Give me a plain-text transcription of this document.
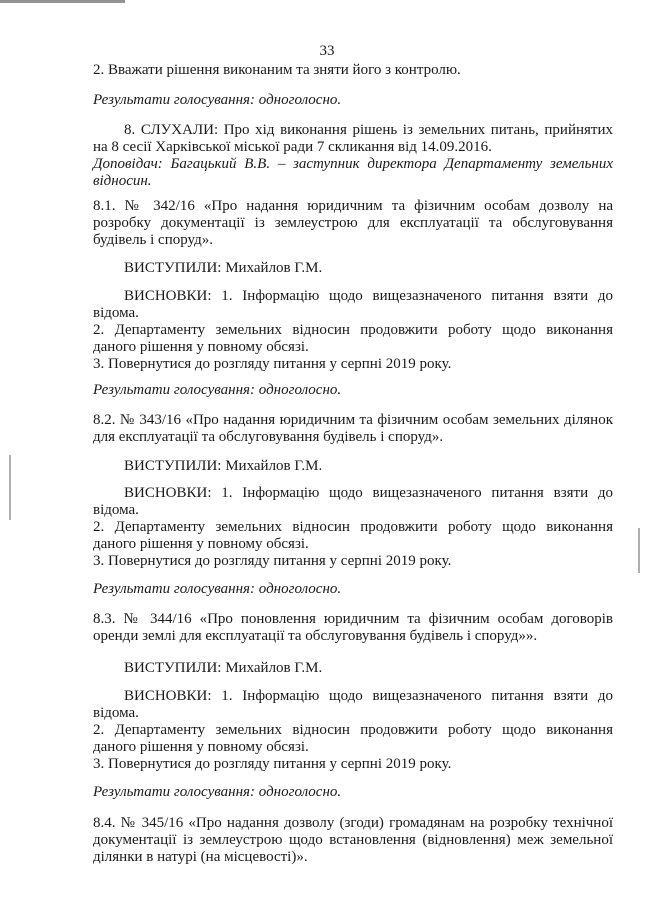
33
2. Вважати рішення виконаним та зняти його з контролю.
Результати голосування: одноголосно.
8. СЛУХАЛИ: Про хід виконання рішень із земельних питань, прийнятих
на 8 сесії Харківської міської ради 7 скликання від 14.09.2016.
Доповідач: Багацький В.В. – заступник директора Департаменту земельних
відносин.
8.1. № 342/16 «Про надання юридичним та фізичним особам дозволу на
розробку документації із землеустрою для експлуатації та обслуговування
будівель і споруд».
ВИСТУПИЛИ: Михайлов Г.М.
ВИСНОВКИ: 1. Інформацію щодо вищезазначеного питання взяти до
відома.
2. Департаменту земельних відносин продовжити роботу щодо виконання
даного рішення у повному обсязі.
3. Повернутися до розгляду питання у серпні 2019 року.
Результати голосування: одноголосно.
8.2. № 343/16 «Про надання юридичним та фізичним особам земельних ділянок
для експлуатації та обслуговування будівель і споруд».
ВИСТУПИЛИ: Михайлов Г.М.
ВИСНОВКИ: 1. Інформацію щодо вищезазначеного питання взяти до
відома.
2. Департаменту земельних відносин продовжити роботу щодо виконання
даного рішення у повному обсязі.
3. Повернутися до розгляду питання у серпні 2019 року.
Результати голосування: одноголосно.
8.3. № 344/16 «Про поновлення юридичним та фізичним особам договорів
оренди землі для експлуатації та обслуговування будівель і споруд»».
ВИСТУПИЛИ: Михайлов Г.М.
ВИСНОВКИ: 1. Інформацію щодо вищезазначеного питання взяти до
відома.
2. Департаменту земельних відносин продовжити роботу щодо виконання
даного рішення у повному обсязі.
3. Повернутися до розгляду питання у серпні 2019 року.
Результати голосування: одноголосно.
8.4. № 345/16 «Про надання дозволу (згоди) громадянам на розробку технічної
документації із землеустрою щодо встановлення (відновлення) меж земельної
ділянки в натурі (на місцевості)».
